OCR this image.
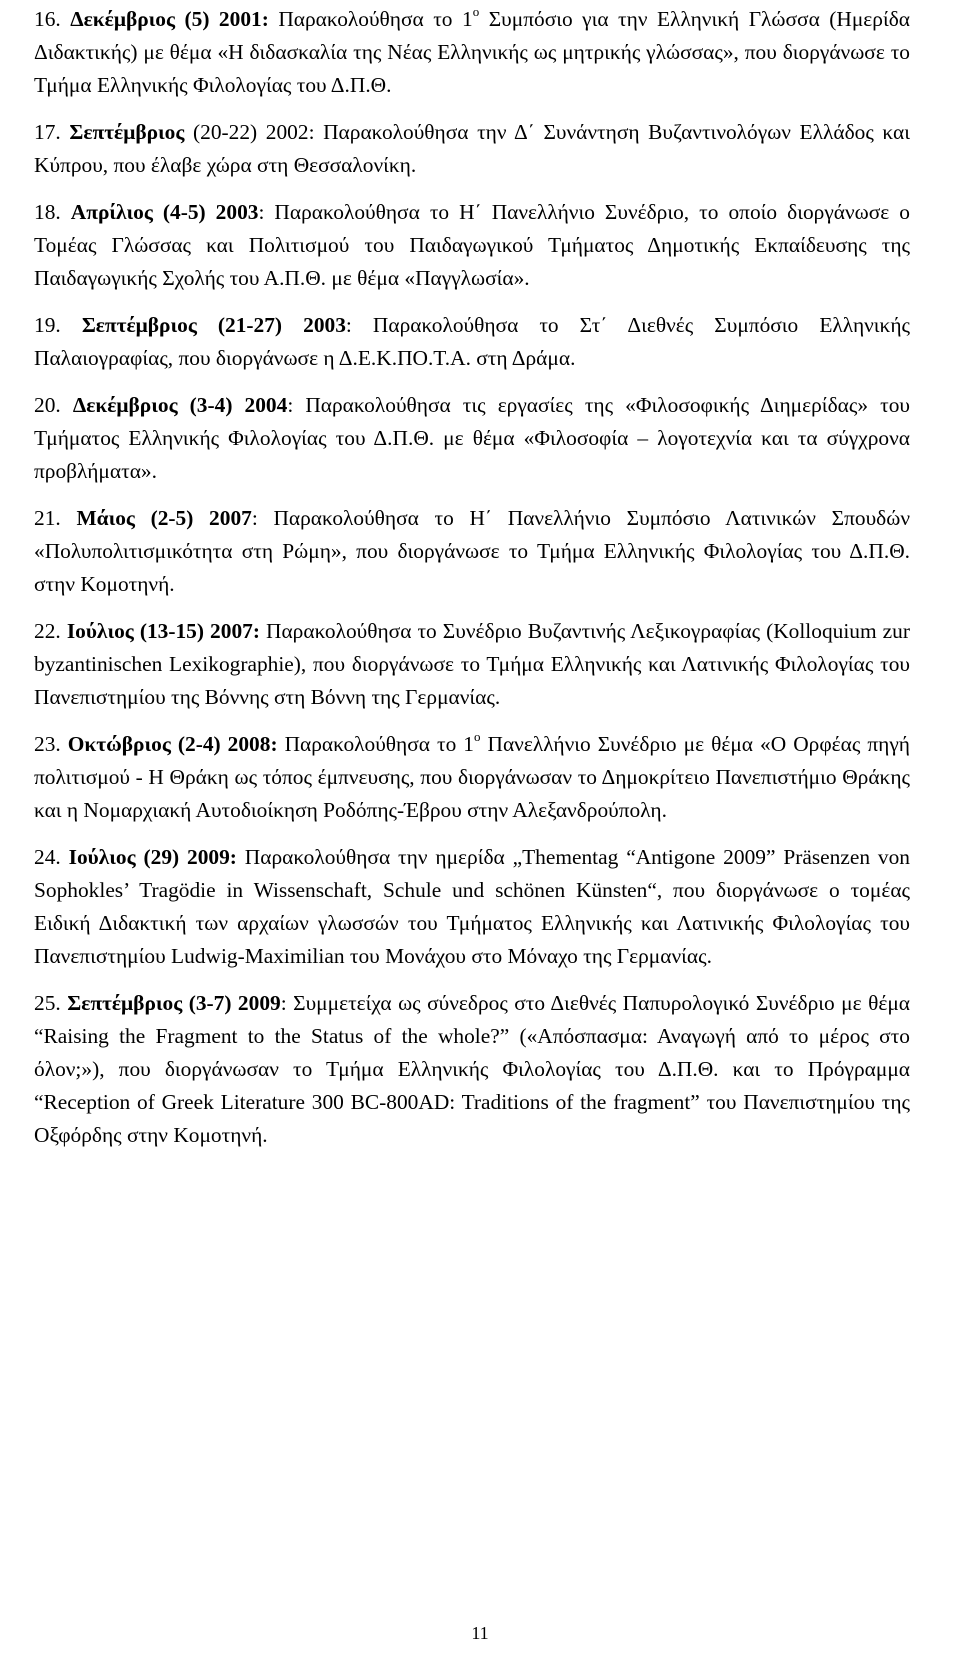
16. Δεκέμβριος (5) 2001: Παρακολούθησα το $1^o$ Συμπόσιο για την Ελληνική Γλώσσα (Ημερίδα Διδακτικής) με θέμα «Η διδασκαλία της Νέας Ελληνικής ως μητρικής γλώσσας», που διοργάνωσε το Τμήμα Ελληνικής Φιλολογίας του Δ.Π.Θ.

17. Σεπτέμβριος (20-22) 2002: Παρακολούθησα την Δ΄ Συνάντηση Βυζαντινολόγων Ελλάδος και Κύπρου, που έλαβε χώρα στη Θεσσαλονίκη.

18. Απρίλιος (4-5) 2003: Παρακολούθησα το Η΄ Πανελλήνιο Συνέδριο, το οποίο διοργάνωσε ο Τομέας Γλώσσας και Πολιτισμού του Παιδαγωγικού Τμήματος Δημοτικής Εκπαίδευσης της Παιδαγωγικής Σχολής του Α.Π.Θ. με θέμα «Παγγλωσία».

19. Σεπτέμβριος (21-27) 2003: Παρακολούθησα το Στ΄ Διεθνές Συμπόσιο Ελληνικής Παλαιογραφίας, που διοργάνωσε η Δ.Ε.Κ.ΠΟ.Τ.Α. στη Δράμα.

20. Δεκέμβριος (3-4) 2004: Παρακολούθησα τις εργασίες της «Φιλοσοφικής Διημερίδας» του Τμήματος Ελληνικής Φιλολογίας του Δ.Π.Θ. με θέμα «Φιλοσοφία – λογοτεχνία και τα σύγχρονα προβλήματα».

21. Μάιος (2-5) 2007: Παρακολούθησα το Η΄ Πανελλήνιο Συμπόσιο Λατινικών Σπουδών «Πολυπολιτισμικότητα στη Ρώμη», που διοργάνωσε το Τμήμα Ελληνικής Φιλολογίας του Δ.Π.Θ. στην Κομοτηνή.

22. Ιούλιος (13-15) 2007: Παρακολούθησα το Συνέδριο Βυζαντινής Λεξικογραφίας (Kolloquium zur byzantinischen Lexikographie), που διοργάνωσε το Τμήμα Ελληνικής και Λατινικής Φιλολογίας του Πανεπιστημίου της Βόννης στη Βόννη της Γερμανίας.

23. Οκτώβριος (2-4) 2008: Παρακολούθησα το $1^o$ Πανελλήνιο Συνέδριο με θέμα «Ο Ορφέας πηγή πολιτισμού - Η Θράκη ως τόπος έμπνευσης, που διοργάνωσαν το Δημοκρίτειο Πανεπιστήμιο Θράκης και η Νομαρχιακή Αυτοδιοίκηση Ροδόπης-Έβρου στην Αλεξανδρούπολη.

24. Ιούλιος (29) 2009: Παρακολούθησα την ημερίδα „Thementag “Antigone 2009” Präsenzen von Sophokles’ Tragödie in Wissenschaft, Schule und schönen Künsten“, που διοργάνωσε ο τομέας Ειδική Διδακτική των αρχαίων γλωσσών του Τμήματος Ελληνικής και Λατινικής Φιλολογίας του Πανεπιστημίου Ludwig-Maximilian του Μονάχου στο Μόναχο της Γερμανίας.

25. Σεπτέμβριος (3-7) 2009: Συμμετείχα ως σύνεδρος στο Διεθνές Παπυρολογικό Συνέδριο με θέμα “Raising the Fragment to the Status of the whole?” («Απόσπασμα: Αναγωγή από το μέρος στο όλον;»), που διοργάνωσαν το Τμήμα Ελληνικής Φιλολογίας του Δ.Π.Θ. και το Πρόγραμμα “Reception of Greek Literature 300 BC-800AD: Traditions of the fragment” του Πανεπιστημίου της Οξφόρδης στην Κομοτηνή.

11
